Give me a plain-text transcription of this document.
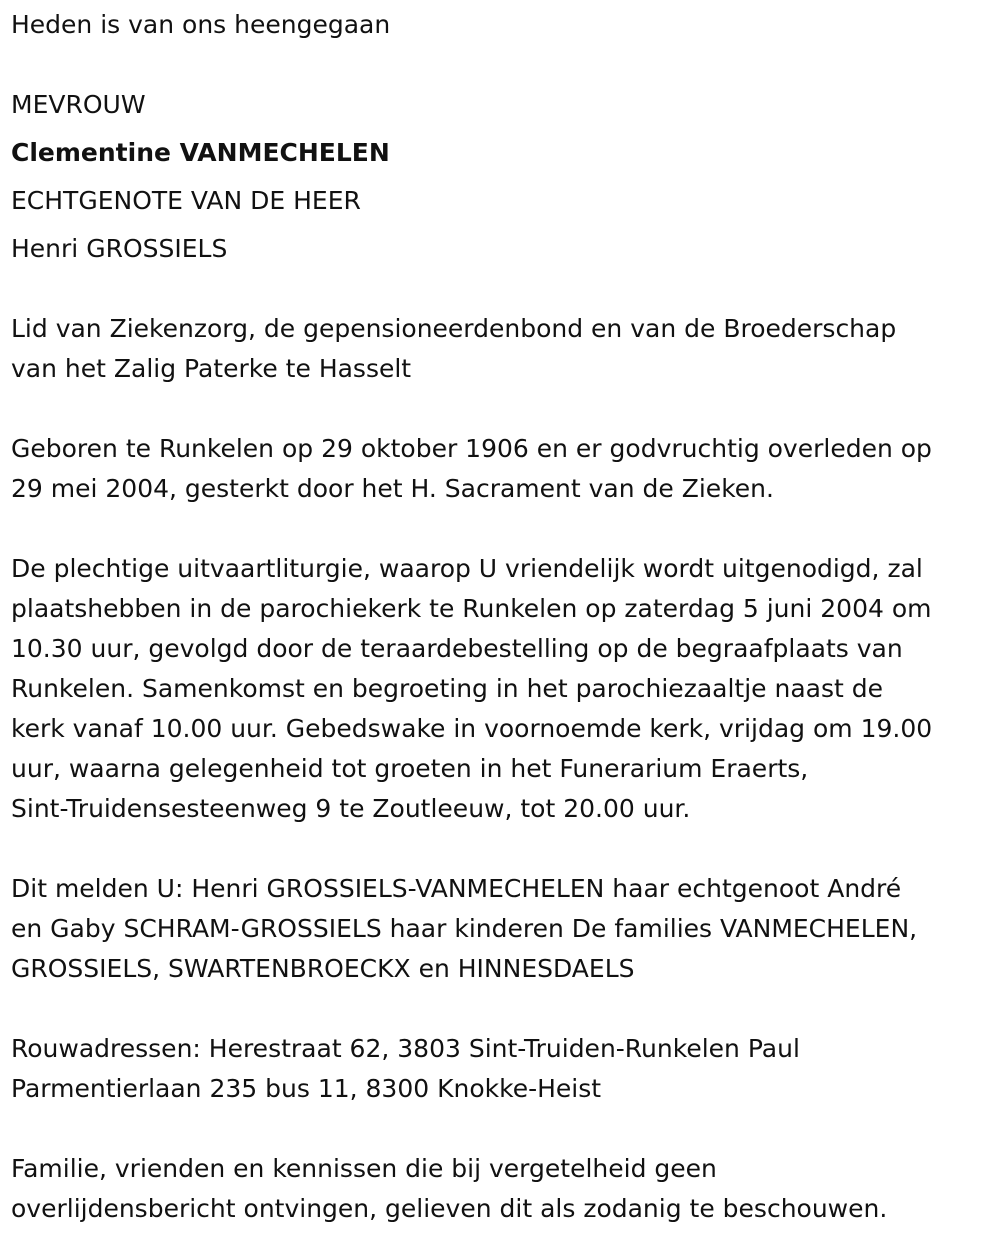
Heden is van ons heengegaan

MEVROUW

Clementine VANMECHELEN

ECHTGENOTE VAN DE HEER

Henri GROSSIELS

Lid van Ziekenzorg, de gepensioneerdenbond en van de Broederschap

van het Zalig Paterke te Hasselt

Geboren te Runkelen op 29 oktober 1906 en er godvruchtig overleden op

29 mei 2004, gesterkt door het H. Sacrament van de Zieken.

De plechtige uitvaartliturgie, waarop U vriendelijk wordt uitgenodigd, zal

plaatshebben in de parochiekerk te Runkelen op zaterdag 5 juni 2004 om

10.30 uur, gevolgd door de teraardebestelling op de begraafplaats van

Runkelen. Samenkomst en begroeting in het parochiezaaltje naast de

kerk vanaf 10.00 uur. Gebedswake in voornoemde kerk, vrijdag om 19.00

uur, waarna gelegenheid tot groeten in het Funerarium Eraerts,

Sint-Truidensesteenweg 9 te Zoutleeuw, tot 20.00 uur.

Dit melden U: Henri GROSSIELS-VANMECHELEN haar echtgenoot André

en Gaby SCHRAM-GROSSIELS haar kinderen De families VANMECHELEN,

GROSSIELS, SWARTENBROECKX en HINNESDAELS

Rouwadressen: Herestraat 62, 3803 Sint-Truiden-Runkelen Paul

Parmentierlaan 235 bus 11, 8300 Knokke-Heist

Familie, vrienden en kennissen die bij vergetelheid geen

overlijdensbericht ontvingen, gelieven dit als zodanig te beschouwen.
